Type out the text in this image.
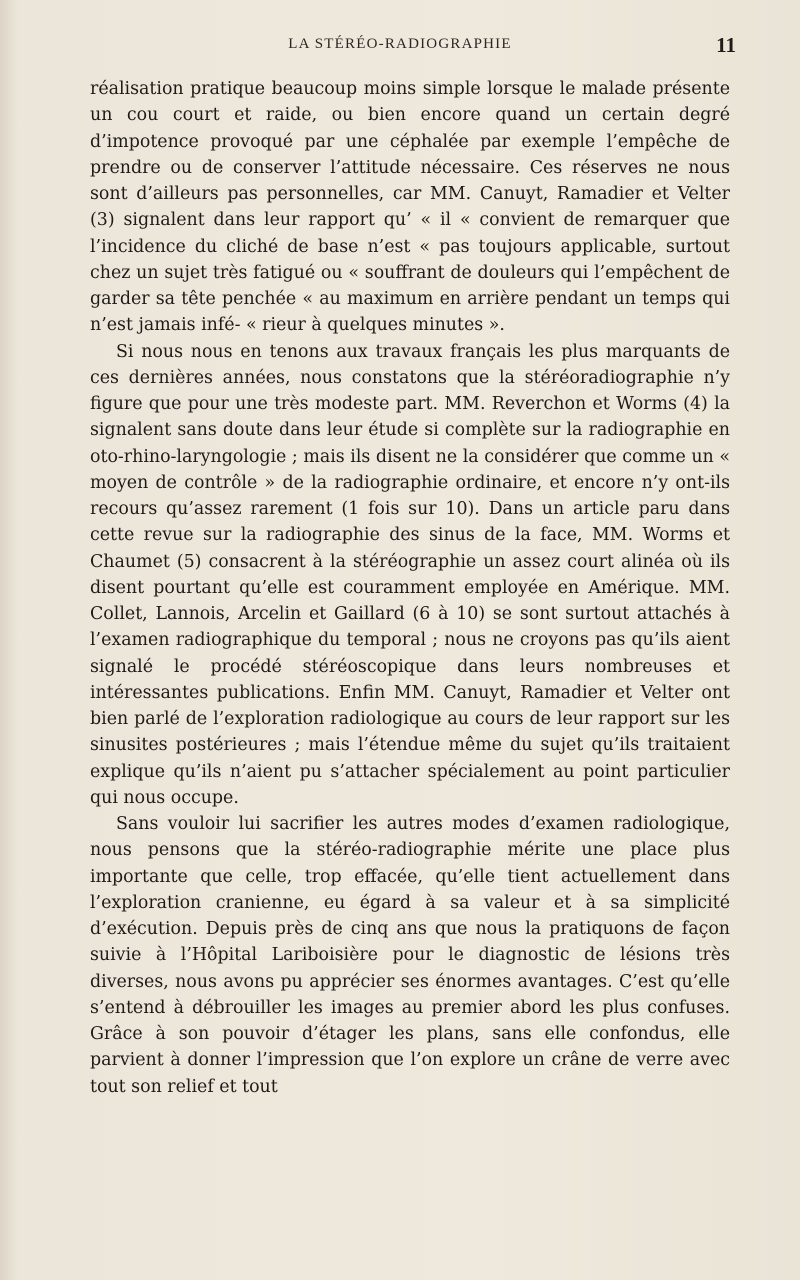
LA STÉRÉO-RADIOGRAPHIE	11

réalisation pratique beaucoup moins simple lorsque le malade présente un cou court et raide, ou bien encore quand un certain degré d’impotence provoqué par une céphalée par exemple l’empêche de prendre ou de conserver l’attitude nécessaire. Ces réserves ne nous sont d’ailleurs pas personnelles, car MM. Canuyt, Ramadier et Velter (3) signalent dans leur rapport qu’ « il « convient de remarquer que l’incidence du cliché de base n’est « pas toujours applicable, surtout chez un sujet très fatigué ou « souffrant de douleurs qui l’empêchent de garder sa tête penchée « au maximum en arrière pendant un temps qui n’est jamais infé- « rieur à quelques minutes ».

Si nous nous en tenons aux travaux français les plus marquants de ces dernières années, nous constatons que la stéréoradiographie n’y figure que pour une très modeste part. MM. Reverchon et Worms (4) la signalent sans doute dans leur étude si complète sur la radiographie en oto-rhino-laryngologie ; mais ils disent ne la considérer que comme un « moyen de contrôle » de la radiographie ordinaire, et encore n’y ont-ils recours qu’assez rarement (1 fois sur 10). Dans un article paru dans cette revue sur la radiographie des sinus de la face, MM. Worms et Chaumet (5) consacrent à la stéréographie un assez court alinéa où ils disent pourtant qu’elle est couramment employée en Amérique. MM. Collet, Lannois, Arcelin et Gaillard (6 à 10) se sont surtout attachés à l’examen radiographique du temporal ; nous ne croyons pas qu’ils aient signalé le procédé stéréoscopique dans leurs nombreuses et intéressantes publications. Enfin MM. Canuyt, Ramadier et Velter ont bien parlé de l’exploration radiologique au cours de leur rapport sur les sinusites postérieures ; mais l’étendue même du sujet qu’ils traitaient explique qu’ils n’aient pu s’attacher spécialement au point particulier qui nous occupe.

Sans vouloir lui sacrifier les autres modes d’examen radiologique, nous pensons que la stéréo-radiographie mérite une place plus importante que celle, trop effacée, qu’elle tient actuellement dans l’exploration cranienne, eu égard à sa valeur et à sa simplicité d’exécution. Depuis près de cinq ans que nous la pratiquons de façon suivie à l’Hôpital Lariboisière pour le diagnostic de lésions très diverses, nous avons pu apprécier ses énormes avantages. C’est qu’elle s’entend à débrouiller les images au premier abord les plus confuses. Grâce à son pouvoir d’étager les plans, sans elle confondus, elle parvient à donner l’impression que l’on explore un crâne de verre avec tout son relief et tout
